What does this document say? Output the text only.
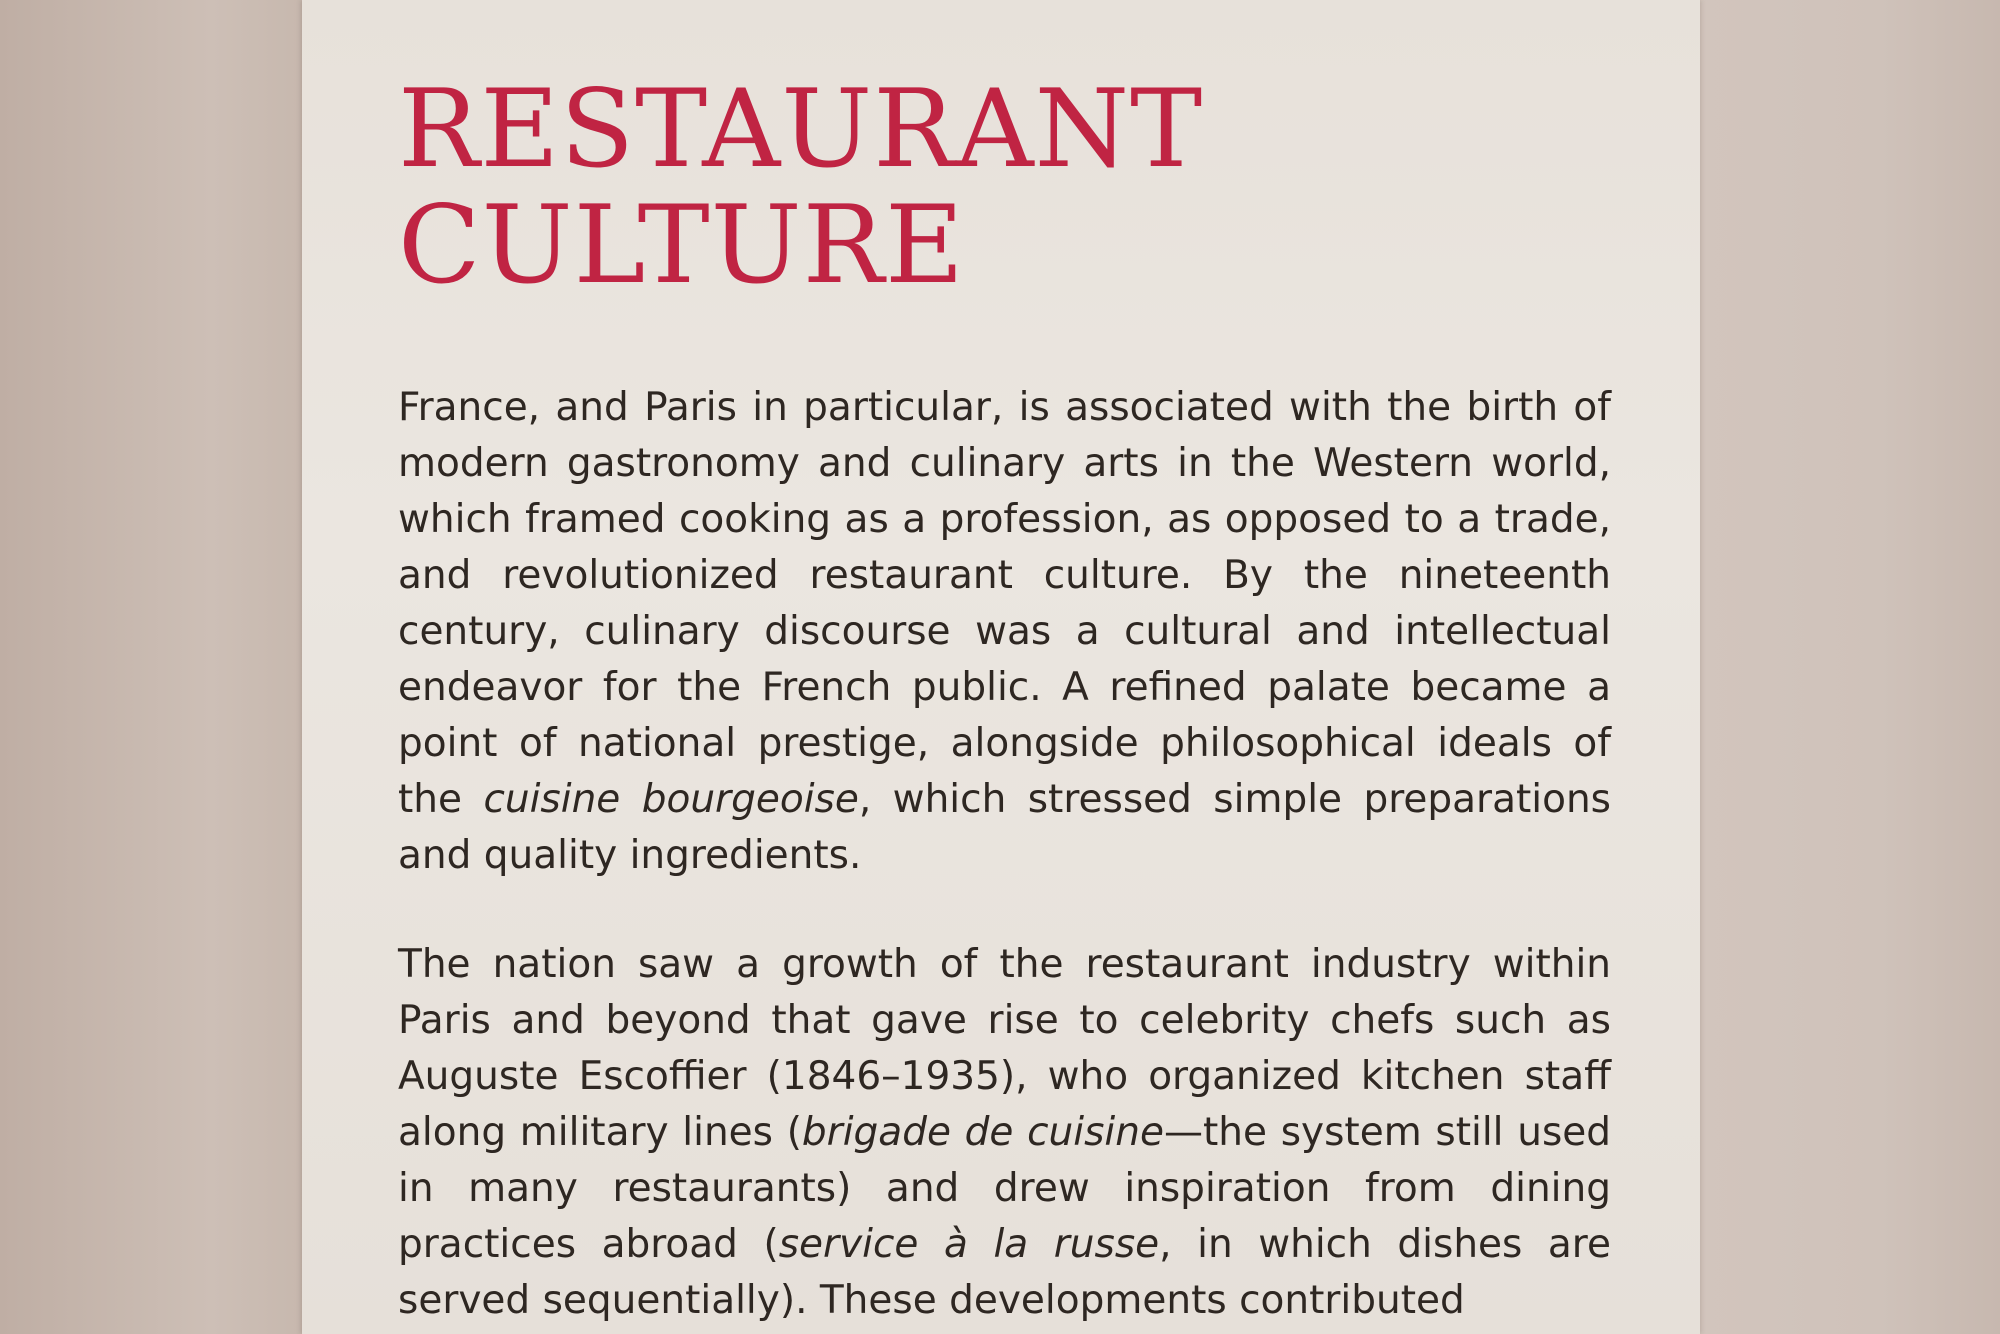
RESTAURANT
CULTURE

France, and Paris in particular, is associated with the birth of modern gastronomy and culinary arts in the Western world, which framed cooking as a profession, as opposed to a trade, and revolutionized restaurant culture. By the nineteenth century, culinary discourse was a cultural and intellectual endeavor for the French public. A refined palate became a point of national prestige, alongside philosophical ideals of the cuisine bourgeoise, which stressed simple preparations and quality ingredients.

The nation saw a growth of the restaurant industry within Paris and beyond that gave rise to celebrity chefs such as Auguste Escoffier (1846–1935), who organized kitchen staff along military lines (brigade de cuisine—the system still used in many restaurants) and drew inspiration from dining practices abroad (service à la russe, in which dishes are served sequentially). These developments contributed
